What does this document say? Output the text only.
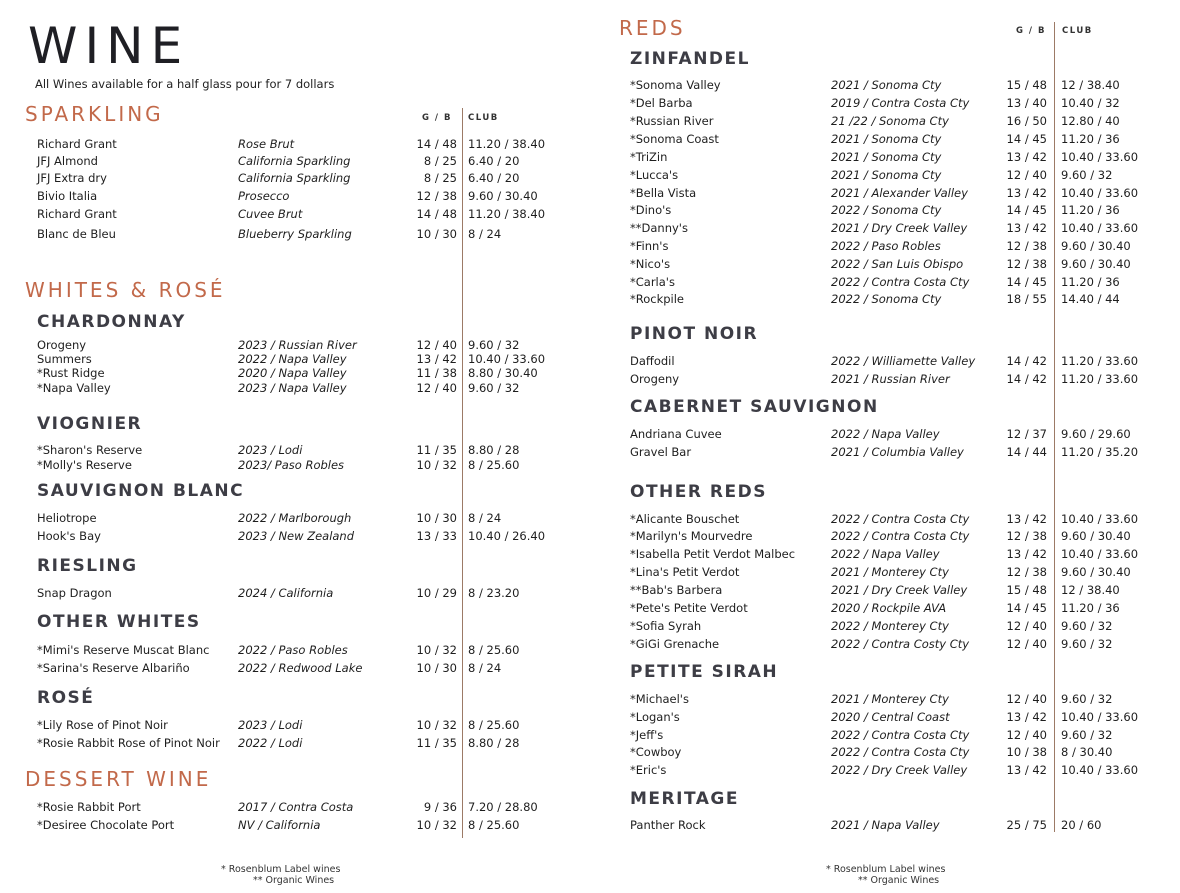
WINE
All Wines available for a half glass pour for 7 dollars
G / B CLUB
G / B CLUB
SPARKLING
WHITES & ROSÉ
CHARDONNAY
VIOGNIER
SAUVIGNON BLANC
RIESLING
OTHER WHITES
ROSÉ
DESSERT WINE
* Rosenblum Label wines
** Organic Wines
REDS
ZINFANDEL
PINOT NOIR
CABERNET SAUVIGNON
OTHER REDS
PETITE SIRAH
MERITAGE
* Rosenblum Label wines
** Organic Wines
Richard Grant	Rose Brut	14 / 48 11.20 / 38.40
JFJ Almond	California Sparkling	8 / 25 6.40 / 20
JFJ Extra dry	California Sparkling	8 / 25 6.40 / 20
Bivio Italia	Prosecco	12 / 38 9.60 / 30.40
Richard Grant	Cuvee Brut	14 / 48 11.20 / 38.40
Blanc de Bleu	Blueberry Sparkling	10 / 30 8 / 24
Orogeny	2023 / Russian River	12 / 40 9.60 / 32
Summers	2022 / Napa Valley	13 / 42 10.40 / 33.60
*Rust Ridge	2020 / Napa Valley	11 / 38 8.80 / 30.40
*Napa Valley	2023 / Napa Valley	12 / 40 9.60 / 32
*Sharon's Reserve	2023 / Lodi	11 / 35 8.80 / 28
*Molly's Reserve	2023/ Paso Robles	10 / 32 8 / 25.60
Heliotrope	2022 / Marlborough	10 / 30 8 / 24
Hook's Bay	2023 / New Zealand	13 / 33 10.40 / 26.40
Snap Dragon	2024 / California	10 / 29 8 / 23.20
*Mimi's Reserve Muscat Blanc 2022 / Paso Robles	10 / 32 8 / 25.60
*Sarina's Reserve Albariño	2022 / Redwood Lake	10 / 30 8 / 24
*Lily Rose of Pinot Noir	2023 / Lodi	10 / 32 8 / 25.60
*Rosie Rabbit Rose of Pinot Noir 2022 / Lodi	11 / 35 8.80 / 28
*Rosie Rabbit Port	2017 / Contra Costa	9 / 36 7.20 / 28.80
*Desiree Chocolate Port	NV / California	10 / 32 8 / 25.60
*Sonoma Valley	2021 / Sonoma Cty	15 / 48 12 / 38.40
*Del Barba	2019 / Contra Costa Cty	13 / 40 10.40 / 32
*Russian River	21 /22 / Sonoma Cty	16 / 50 12.80 / 40
*Sonoma Coast	2021 / Sonoma Cty	14 / 45 11.20 / 36
*TriZin	2021 / Sonoma Cty	13 / 42 10.40 / 33.60
*Lucca's	2021 / Sonoma Cty	12 / 40 9.60 / 32
*Bella Vista	2021 / Alexander Valley	13 / 42 10.40 / 33.60
*Dino's	2022 / Sonoma Cty	14 / 45 11.20 / 36
**Danny's	2021 / Dry Creek Valley	13 / 42 10.40 / 33.60
*Finn's	2022 / Paso Robles	12 / 38 9.60 / 30.40
*Nico's	2022 / San Luis Obispo	12 / 38 9.60 / 30.40
*Carla's	2022 / Contra Costa Cty	14 / 45 11.20 / 36
*Rockpile	2022 / Sonoma Cty	18 / 55 14.40 / 44
Daffodil	2022 / Williamette Valley	14 / 42 11.20 / 33.60
Orogeny	2021 / Russian River	14 / 42 11.20 / 33.60
Andriana Cuvee	2022 / Napa Valley	12 / 37 9.60 / 29.60
Gravel Bar	2021 / Columbia Valley	14 / 44 11.20 / 35.20
*Alicante Bouschet	2022 / Contra Costa Cty	13 / 42 10.40 / 33.60
*Marilyn's Mourvedre	2022 / Contra Costa Cty	12 / 38 9.60 / 30.40
*Isabella Petit Verdot Malbec	2022 / Napa Valley	13 / 42 10.40 / 33.60
*Lina's Petit Verdot	2021 / Monterey Cty	12 / 38 9.60 / 30.40
**Bab's Barbera	2021 / Dry Creek Valley	15 / 48 12 / 38.40
*Pete's Petite Verdot	2020 / Rockpile AVA	14 / 45 11.20 / 36
*Sofia Syrah	2022 / Monterey Cty	12 / 40 9.60 / 32
*GiGi Grenache	2022 / Contra Costy Cty	12 / 40 9.60 / 32
*Michael's	2021 / Monterey Cty	12 / 40 9.60 / 32
*Logan's	2020 / Central Coast	13 / 42 10.40 / 33.60
*Jeff's	2022 / Contra Costa Cty	12 / 40 9.60 / 32
*Cowboy	2022 / Contra Costa Cty	10 / 38 8 / 30.40
*Eric's	2022 / Dry Creek Valley	13 / 42 10.40 / 33.60
Panther Rock	2021 / Napa Valley	25 / 75 20 / 60
